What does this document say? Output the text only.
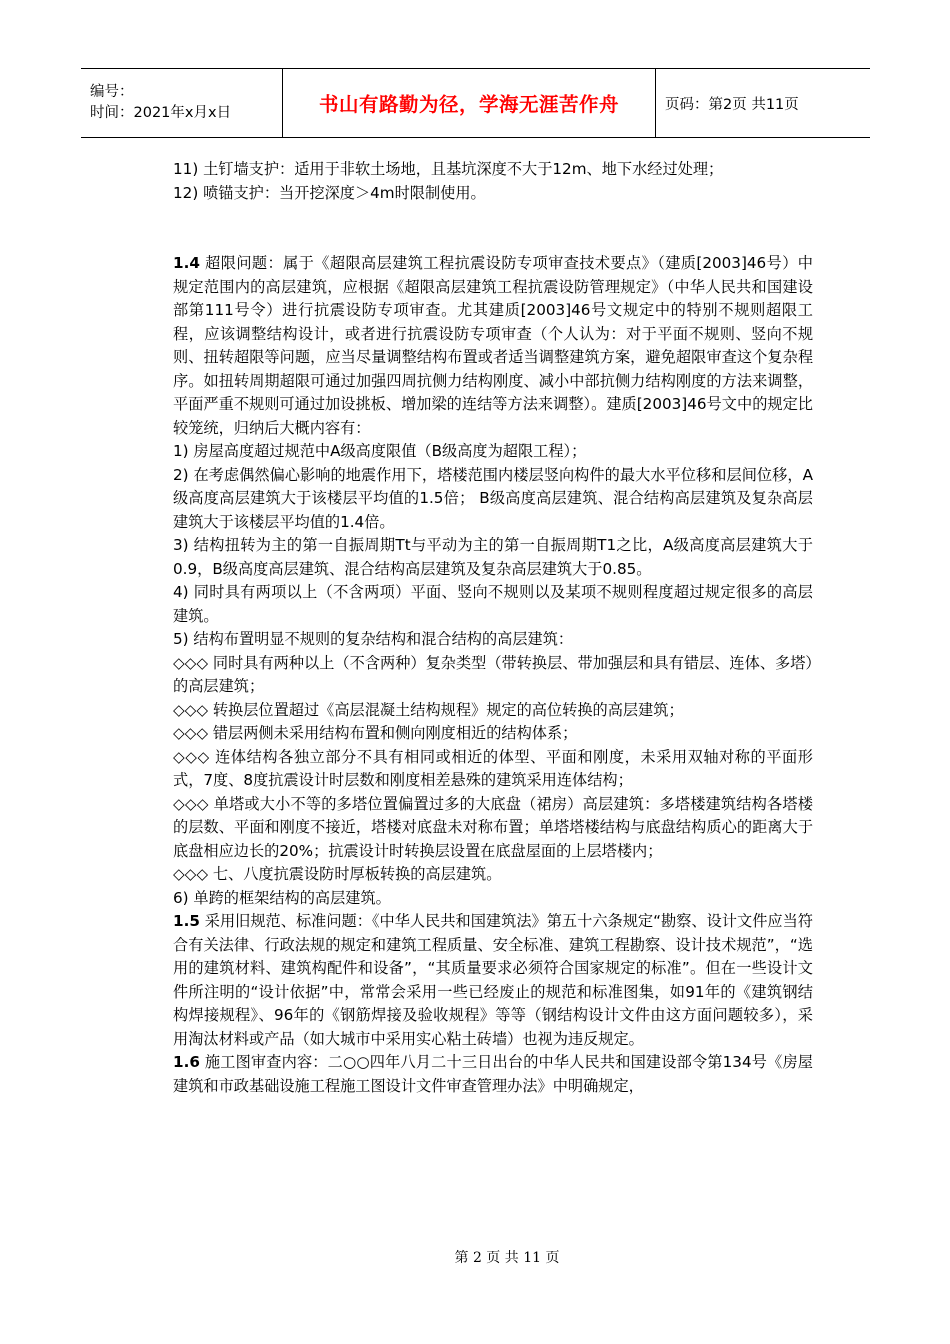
编号：
时间：2021年x月x日	书山有路勤为径，学海无涯苦作舟	页码：第2页 共11页

11) 土钉墙支护：适用于非软土场地，且基坑深度不大于12m、地下水经过处理；

12) 喷锚支护：当开挖深度＞4m时限制使用。

1.4 超限问题：属于《超限高层建筑工程抗震设防专项审查技术要点》（建质[2003]46号）中规定范围内的高层建筑，应根据《超限高层建筑工程抗震设防管理规定》（中华人民共和国建设部第111号令）进行抗震设防专项审查。尤其建质[2003]46号文规定中的特别不规则超限工程，应该调整结构设计，或者进行抗震设防专项审查（个人认为：对于平面不规则、竖向不规则、扭转超限等问题，应当尽量调整结构布置或者适当调整建筑方案，避免超限审查这个复杂程序。如扭转周期超限可通过加强四周抗侧力结构刚度、减小中部抗侧力结构刚度的方法来调整，平面严重不规则可通过加设挑板、增加梁的连结等方法来调整）。建质[2003]46号文中的规定比较笼统，归纳后大概内容有：

1) 房屋高度超过规范中A级高度限值（B级高度为超限工程）；

2) 在考虑偶然偏心影响的地震作用下，塔楼范围内楼层竖向构件的最大水平位移和层间位移，A级高度高层建筑大于该楼层平均值的1.5倍； B级高度高层建筑、混合结构高层建筑及复杂高层建筑大于该楼层平均值的1.4倍。

3) 结构扭转为主的第一自振周期Tt与平动为主的第一自振周期T1之比，A级高度高层建筑大于0.9，B级高度高层建筑、混合结构高层建筑及复杂高层建筑大于0.85。

4) 同时具有两项以上（不含两项）平面、竖向不规则以及某项不规则程度超过规定很多的高层建筑。

5) 结构布置明显不规则的复杂结构和混合结构的高层建筑：

◇◇◇ 同时具有两种以上（不含两种）复杂类型（带转换层、带加强层和具有错层、连体、多塔）的高层建筑；

◇◇◇ 转换层位置超过《高层混凝土结构规程》规定的高位转换的高层建筑；

◇◇◇ 错层两侧未采用结构布置和侧向刚度相近的结构体系；

◇◇◇ 连体结构各独立部分不具有相同或相近的体型、平面和刚度，未采用双轴对称的平面形式，7度、8度抗震设计时层数和刚度相差悬殊的建筑采用连体结构；

◇◇◇ 单塔或大小不等的多塔位置偏置过多的大底盘（裙房）高层建筑：多塔楼建筑结构各塔楼的层数、平面和刚度不接近，塔楼对底盘未对称布置；单塔塔楼结构与底盘结构质心的距离大于底盘相应边长的20%；抗震设计时转换层设置在底盘屋面的上层塔楼内；

◇◇◇ 七、八度抗震设防时厚板转换的高层建筑。

6) 单跨的框架结构的高层建筑。

1.5 采用旧规范、标准问题：《中华人民共和国建筑法》第五十六条规定“勘察、设计文件应当符合有关法律、行政法规的规定和建筑工程质量、安全标准、建筑工程勘察、设计技术规范”，“选用的建筑材料、建筑构配件和设备”，“其质量要求必须符合国家规定的标准”。但在一些设计文件所注明的“设计依据”中，常常会采用一些已经废止的规范和标准图集，如91年的《建筑钢结构焊接规程》、96年的《钢筋焊接及验收规程》等等（钢结构设计文件由这方面问题较多），采用淘汰材料或产品（如大城市中采用实心粘土砖墙）也视为违反规定。

1.6 施工图审查内容：二○○四年八月二十三日出台的中华人民共和国建设部令第134号《房屋建筑和市政基础设施工程施工图设计文件审查管理办法》中明确规定，

第 2 页 共 11 页
